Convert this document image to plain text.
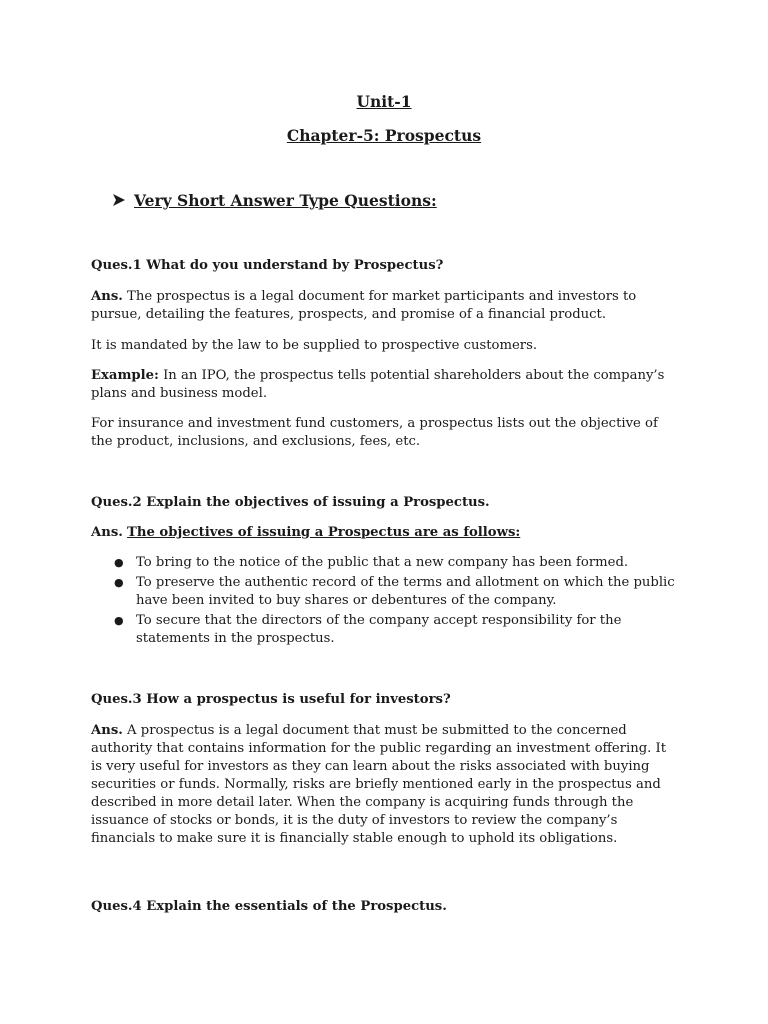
Unit-1
Chapter-5: Prospectus
Very Short Answer Type Questions:
Ques.1 What do you understand by Prospectus?

Ans. The prospectus is a legal document for market participants and investors to pursue, detailing the features, prospects, and promise of a financial product.

It is mandated by the law to be supplied to prospective customers.

Example: In an IPO, the prospectus tells potential shareholders about the company’s plans and business model.

For insurance and investment fund customers, a prospectus lists out the objective of the product, inclusions, and exclusions, fees, etc.

Ques.2 Explain the objectives of issuing a Prospectus.
Ans. The objectives of issuing a Prospectus are as follows:
● To bring to the notice of the public that a new company has been formed.
● To preserve the authentic record of the terms and allotment on which the public have been invited to buy shares or debentures of the company.
● To secure that the directors of the company accept responsibility for the statements in the prospectus.
Ques.3 How a prospectus is useful for investors?

Ans. A prospectus is a legal document that must be submitted to the concerned authority that contains information for the public regarding an investment offering. It is very useful for investors as they can learn about the risks associated with buying securities or funds. Normally, risks are briefly mentioned early in the prospectus and described in more detail later. When the company is acquiring funds through the issuance of stocks or bonds, it is the duty of investors to review the company’s financials to make sure it is financially stable enough to uphold its obligations.

Ques.4 Explain the essentials of the Prospectus.
